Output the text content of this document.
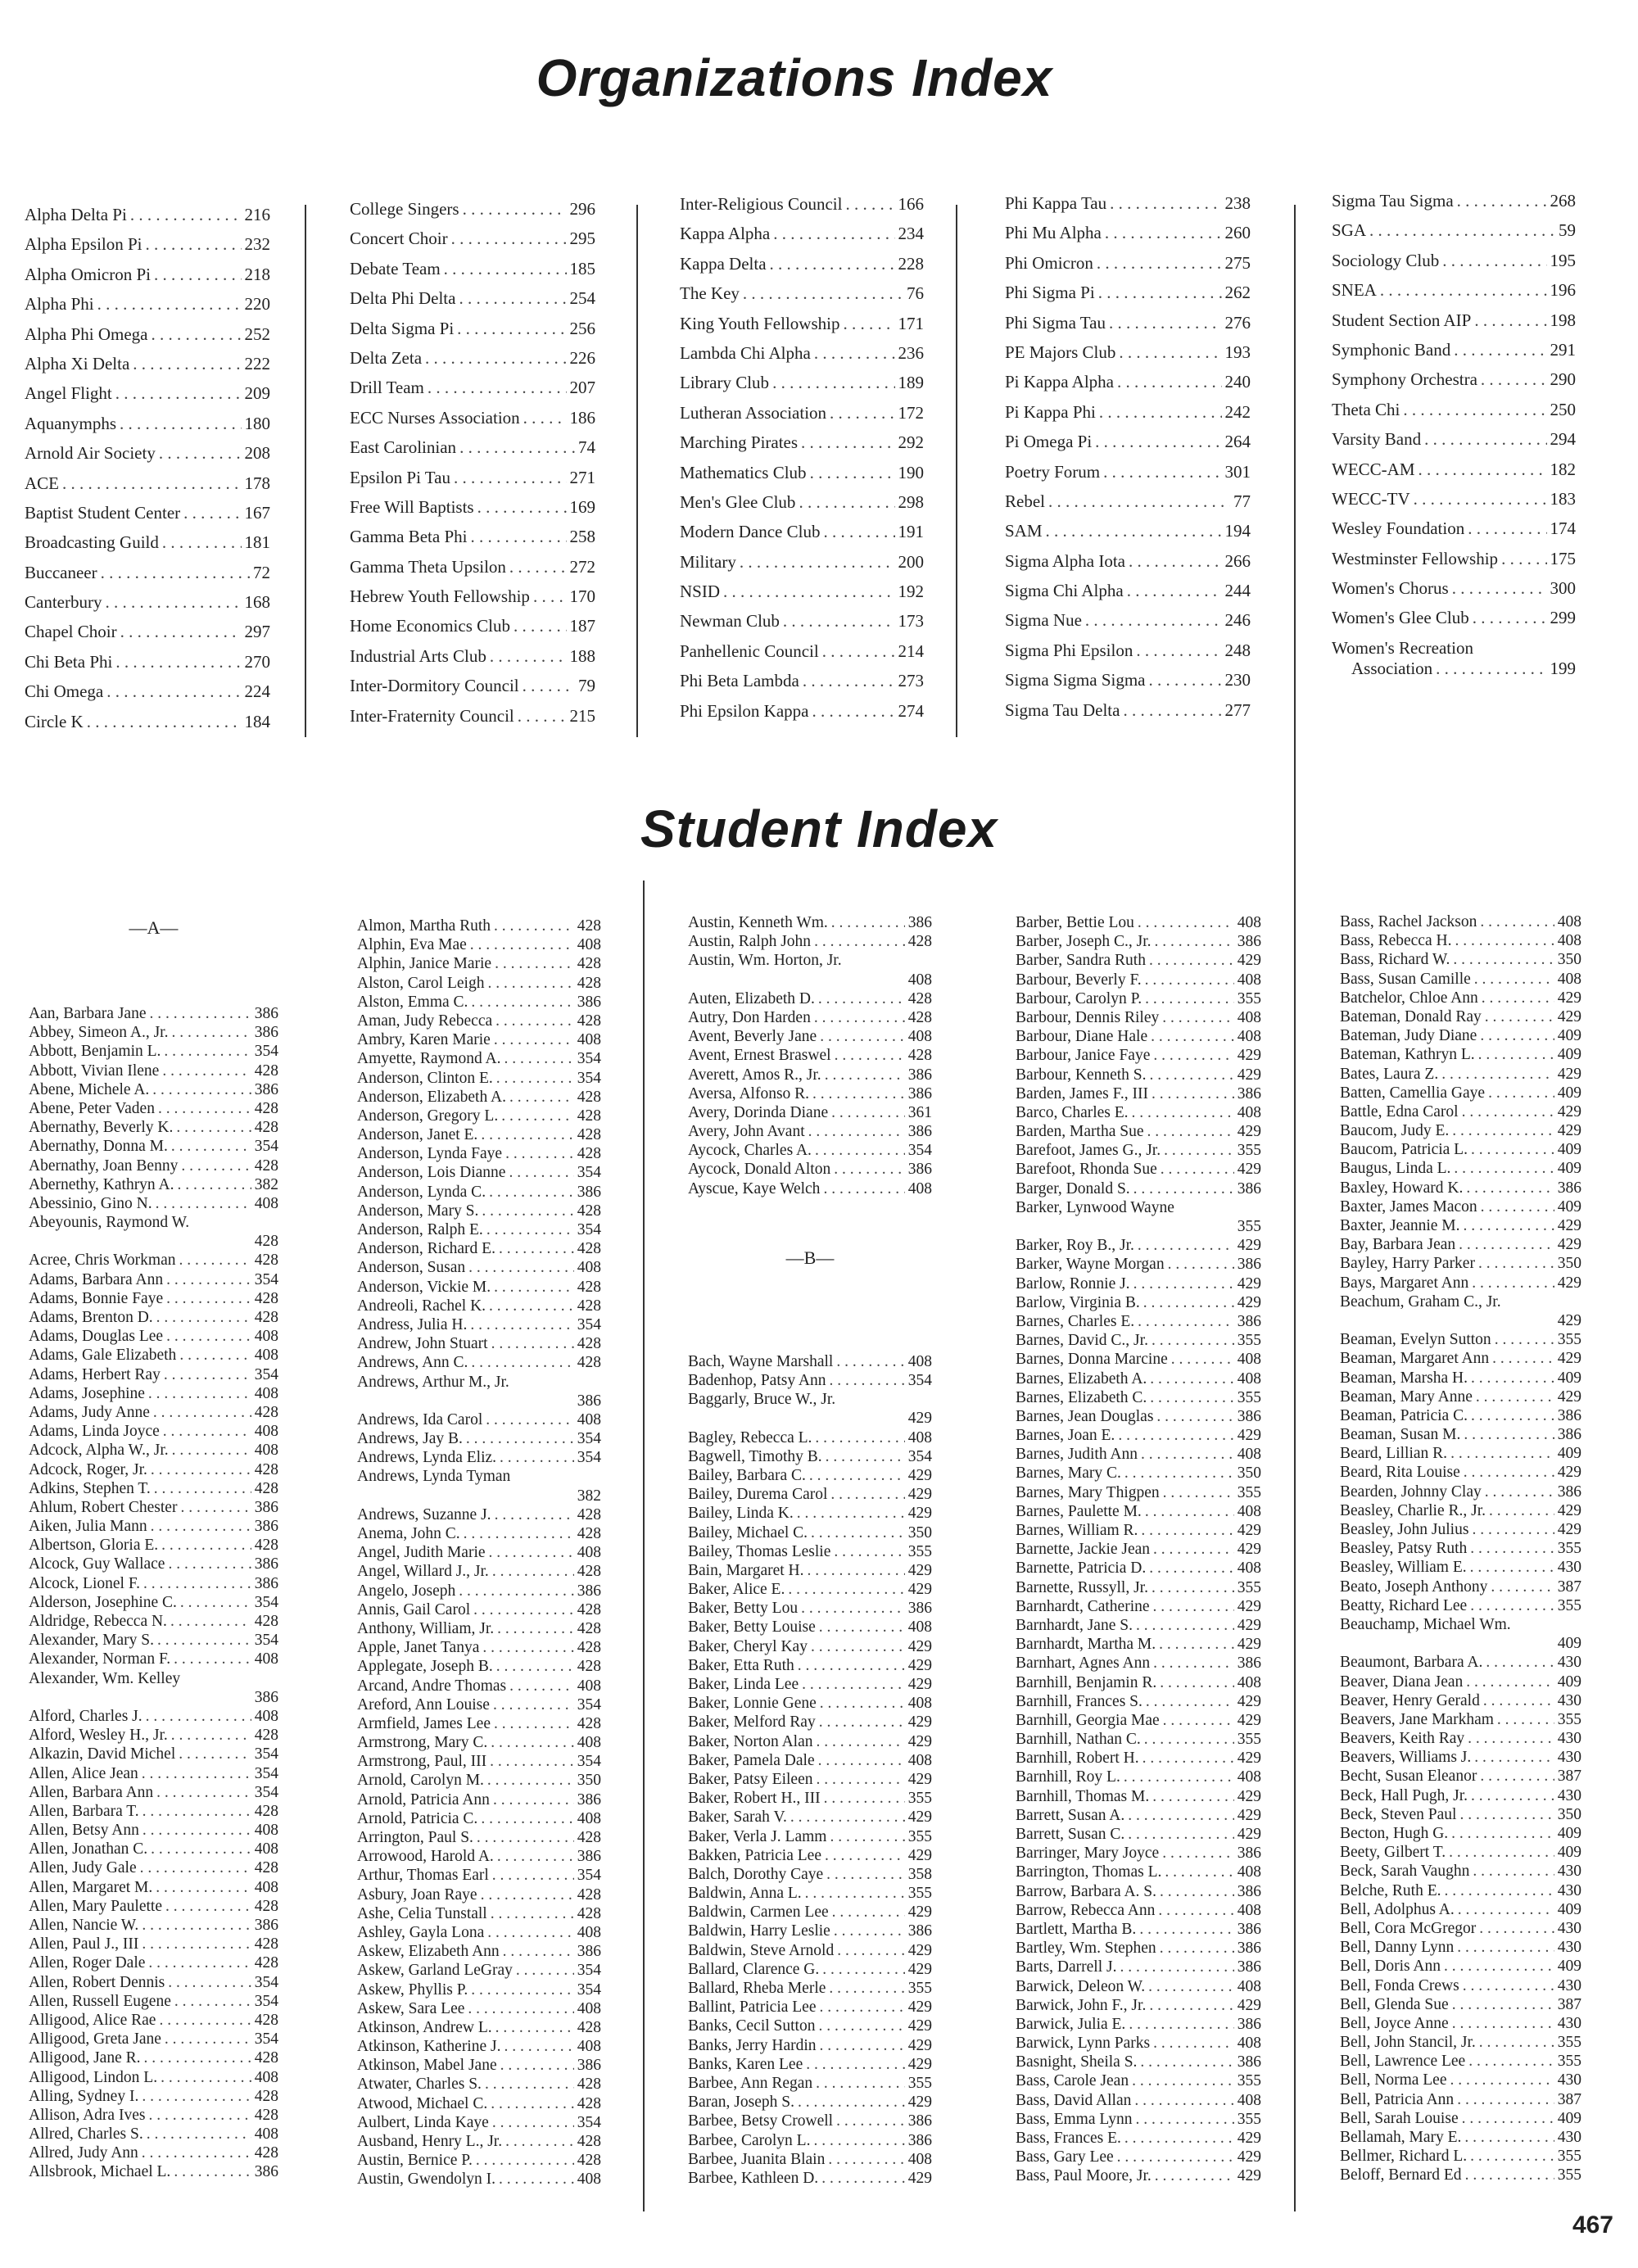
Organizations Index
Student Index
Alpha Delta Pi . . .	216
Alpha Epsilon Pi . . .	232
Alpha Omicron Pi . . .	218
Alpha Phi . . .	220
Alpha Phi Omega . . .	252
Alpha Xi Delta . . .	222
Angel Flight . . .	209
Aquanymphs . . .	180
Arnold Air Society . . .	208
ACE . . .	178
Baptist Student Center . . .	167
Broadcasting Guild . . .	181
Buccaneer . . .	72
Canterbury . . .	168
Chapel Choir . . .	297
Chi Beta Phi . . .	270
Chi Omega . . .	224
Circle K . . .	184
College Singers . . .	296
Concert Choir . . .	295
Debate Team . . .	185
Delta Phi Delta . . .	254
Delta Sigma Pi . . .	256
Delta Zeta . . .	226
Drill Team . . .	207
ECC Nurses Association . . .	186
East Carolinian . . .	74
Epsilon Pi Tau . . .	271
Free Will Baptists . . .	169
Gamma Beta Phi . . .	258
Gamma Theta Upsilon . . .	272
Hebrew Youth Fellowship . . . 170
Home Economics Club . . .	187
Industrial Arts Club . . .	188
Inter-Dormitory Council . . .	79
Inter-Fraternity Council . . .	215
Inter-Religious Council . . .	166
Kappa Alpha . . .	234
Kappa Delta . . .	228
The Key . . .	76
King Youth Fellowship . . .	171
Lambda Chi Alpha . . .	236
Library Club . . .	189
Lutheran Association . . .	172
Marching Pirates . . .	292
Mathematics Club . . .	190
Men's Glee Club . . .	298
Modern Dance Club . . .	191
Military . . .	200
NSID . . .	192
Newman Club . . .	173
Panhellenic Council . . .	214
Phi Beta Lambda . . .	273
Phi Epsilon Kappa . . .	274
Phi Kappa Tau . . .	238
Phi Mu Alpha . . .	260
Phi Omicron . . .	275
Phi Sigma Pi . . .	262
Phi Sigma Tau . . .	276
PE Majors Club . . .	193
Pi Kappa Alpha . . .	240
Pi Kappa Phi . . .	242
Pi Omega Pi . . .	264
Poetry Forum . . .	301
Rebel . . .	77
SAM . . .	194
Sigma Alpha Iota . . .	266
Sigma Chi Alpha . . .	244
Sigma Nue . . .	246
Sigma Phi Epsilon . . .	248
Sigma Sigma Sigma . . .	230
Sigma Tau Delta . . .	277
Sigma Tau Sigma . . .	268
SGA . . .	59
Sociology Club . . .	195
SNEA . . .	196
Student Section AIP . . .	198
Symphonic Band . . .	291
Symphony Orchestra . . .	290
Theta Chi . . .	250
Varsity Band . . .	294
WECC-AM . . .	182
WECC-TV . . .	183
Wesley Foundation . . .	174
Westminster Fellowship . . .	175
Women's Chorus . . .	300
Women's Glee Club . . .	299
Women's Recreation
Association . . .	199
—A—
Aan, Barbara Jane . . .	386
Abbey, Simeon A., Jr. . . .	386
Abbott, Benjamin L. . . .	354
Abbott, Vivian Ilene . . .	428
Abene, Michele A. . . .	386
Abene, Peter Vaden . . .	428
Abernathy, Beverly K. . . .	428
Abernathy, Donna M. . . .	354
Abernathy, Joan Benny . . .	428
Abernethy, Kathryn A. . . .	382
Abessinio, Gino N. . . .	408
Abeyounis, Raymond W.
428
Acree, Chris Workman . . .	428
Adams, Barbara Ann . . .	354
Adams, Bonnie Faye . . .	428
Adams, Brenton D. . . .	428
Adams, Douglas Lee . . .	408
Adams, Gale Elizabeth . . .	408
Adams, Herbert Ray . . .	354
Adams, Josephine . . .	408
Adams, Judy Anne . . .	428
Adams, Linda Joyce . . .	408
Adcock, Alpha W., Jr. . . .	408
Adcock, Roger, Jr. . . .	428
Adkins, Stephen T. . . .	428
Ahlum, Robert Chester . . .	386
Aiken, Julia Mann . . .	386
Albertson, Gloria E. . . .	428
Alcock, Guy Wallace . . .	386
Alcock, Lionel F. . . .	386
Alderson, Josephine C. . . .	354
Aldridge, Rebecca N. . . .	428
Alexander, Mary S. . . .	354
Alexander, Norman F. . . .	408
Alexander, Wm. Kelley
386
Alford, Charles J. . . .	408
Alford, Wesley H., Jr. . . .	428
Alkazin, David Michel . . .	354
Allen, Alice Jean . . .	354
Allen, Barbara Ann . . .	354
Allen, Barbara T. . . .	428
Allen, Betsy Ann . . .	408
Allen, Jonathan C. . . .	408
Allen, Judy Gale . . .	428
Allen, Margaret M. . . .	408
Allen, Mary Paulette . . .	428
Allen, Nancie W. . . .	386
Allen, Paul J., III . . .	428
Allen, Roger Dale . . .	428
Allen, Robert Dennis . . .	354
Allen, Russell Eugene . . .	354
Alligood, Alice Rae . . .	428
Alligood, Greta Jane . . .	354
Alligood, Jane R. . . .	428
Alligood, Lindon L. . . .	408
Alling, Sydney I. . . .	428
Allison, Adra Ives . . .	428
Allred, Charles S. . . .	408
Allred, Judy Ann . . .	428
Allsbrook, Michael L. . . .	386
Almon, Martha Ruth . . .	428
Alphin, Eva Mae . . .	408
Alphin, Janice Marie . . .	428
Alston, Carol Leigh . . .	428
Alston, Emma C. . . .	386
Aman, Judy Rebecca . . .	428
Ambry, Karen Marie . . .	408
Amyette, Raymond A. . . .	354
Anderson, Clinton E. . . .	354
Anderson, Elizabeth A. . . .	428
Anderson, Gregory L. . . .	428
Anderson, Janet E. . . .	428
Anderson, Lynda Faye . . .	428
Anderson, Lois Dianne . . .	354
Anderson, Lynda C. . . .	386
Anderson, Mary S. . . .	428
Anderson, Ralph E. . . .	354
Anderson, Richard E. . . .	428
Anderson, Susan . . .	408
Anderson, Vickie M. . . .	428
Andreoli, Rachel K. . . .	428
Andress, Julia H. . . .	354
Andrew, John Stuart . . .	428
Andrews, Ann C. . . .	428
Andrews, Arthur M., Jr.
386
Andrews, Ida Carol . . .	408
Andrews, Jay B. . . .	354
Andrews, Lynda Eliz. . . .	354
Andrews, Lynda Tyman
382
Andrews, Suzanne J. . . .	428
Anema, John C. . . .	428
Angel, Judith Marie . . .	408
Angel, Willard J., Jr. . . .	428
Angelo, Joseph . . .	386
Annis, Gail Carol . . .	428
Anthony, William, Jr. . . .	428
Apple, Janet Tanya . . .	428
Applegate, Joseph B. . . .	428
Arcand, Andre Thomas . . .	408
Areford, Ann Louise . . .	354
Armfield, James Lee . . .	428
Armstrong, Mary C. . . .	408
Armstrong, Paul, III . . .	354
Arnold, Carolyn M. . . .	350
Arnold, Patricia Ann . . .	386
Arnold, Patricia C. . . .	408
Arrington, Paul S. . . .	428
Arrowood, Harold A. . . .	386
Arthur, Thomas Earl . . .	354
Asbury, Joan Raye . . .	428
Ashe, Celia Tunstall . . .	428
Ashley, Gayla Lona . . .	408
Askew, Elizabeth Ann . . .	386
Askew, Garland LeGray . . .	354
Askew, Phyllis P. . . .	354
Askew, Sara Lee . . .	408
Atkinson, Andrew L. . . .	428
Atkinson, Katherine J. . . .	408
Atkinson, Mabel Jane . . .	386
Atwater, Charles S. . . .	428
Atwood, Michael C. . . .	428
Aulbert, Linda Kaye . . .	354
Ausband, Henry L., Jr. . . .	428
Austin, Bernice P. . . .	428
Austin, Gwendolyn I. . . .	408
Austin, Kenneth Wm. . . .	386
Austin, Ralph John . . .	428
Austin, Wm. Horton, Jr.
408
Auten, Elizabeth D. . . .	428
Autry, Don Harden . . .	428
Avent, Beverly Jane . . .	408
Avent, Ernest Braswel . . .	428
Averett, Amos R., Jr. . . .	386
Aversa, Alfonso R. . . .	386
Avery, Dorinda Diane . . .	361
Avery, John Avant . . .	386
Aycock, Charles A. . . .	354
Aycock, Donald Alton . . .	386
Ayscue, Kaye Welch . . .	408
—B—
Bach, Wayne Marshall . . .	408
Badenhop, Patsy Ann . . .	354
Baggarly, Bruce W., Jr.
429
Bagley, Rebecca L. . . .	408
Bagwell, Timothy B. . . .	354
Bailey, Barbara C. . . .	429
Bailey, Durema Carol . . .	429
Bailey, Linda K. . . .	429
Bailey, Michael C. . . .	350
Bailey, Thomas Leslie . . .	355
Bain, Margaret H. . . .	429
Baker, Alice E. . . .	429
Baker, Betty Lou . . .	386
Baker, Betty Louise . . .	408
Baker, Cheryl Kay . . .	429
Baker, Etta Ruth . . .	429
Baker, Linda Lee . . .	429
Baker, Lonnie Gene . . .	408
Baker, Melford Ray . . .	429
Baker, Norton Alan . . .	429
Baker, Pamela Dale . . .	408
Baker, Patsy Eileen . . .	429
Baker, Robert H., III . . .	355
Baker, Sarah V. . . .	429
Baker, Verla J. Lamm . . .	355
Bakken, Patricia Lee . . .	429
Balch, Dorothy Caye . . .	358
Baldwin, Anna L. . . .	355
Baldwin, Carmen Lee . . .	429
Baldwin, Harry Leslie . . .	386
Baldwin, Steve Arnold . . .	429
Ballard, Clarence G. . . .	429
Ballard, Rheba Merle . . .	355
Ballint, Patricia Lee . . .	429
Banks, Cecil Sutton . . .	429
Banks, Jerry Hardin . . .	429
Banks, Karen Lee . . .	429
Barbee, Ann Regan . . .	355
Baran, Joseph S. . . .	429
Barbee, Betsy Crowell . . .	386
Barbee, Carolyn L. . . .	386
Barbee, Juanita Blain . . .	408
Barbee, Kathleen D. . . .	429
Barber, Bettie Lou . . .	408
Barber, Joseph C., Jr. . . .	386
Barber, Sandra Ruth . . .	429
Barbour, Beverly F. . . .	408
Barbour, Carolyn P. . . .	355
Barbour, Dennis Riley . . .	408
Barbour, Diane Hale . . .	408
Barbour, Janice Faye . . .	429
Barbour, Kenneth S. . . .	429
Barden, James F., III . . .	386
Barco, Charles E. . . .	408
Barden, Martha Sue . . .	429
Barefoot, James G., Jr. . . .	355
Barefoot, Rhonda Sue . . .	429
Barger, Donald S. . . .	386
Barker, Lynwood Wayne
355
Barker, Roy B., Jr. . . .	429
Barker, Wayne Morgan . . .	386
Barlow, Ronnie J. . . .	429
Barlow, Virginia B. . . .	429
Barnes, Charles E. . . .	386
Barnes, David C., Jr. . . .	355
Barnes, Donna Marcine . . .	408
Barnes, Elizabeth A. . . .	408
Barnes, Elizabeth C. . . .	355
Barnes, Jean Douglas . . .	386
Barnes, Joan E. . . .	429
Barnes, Judith Ann . . .	408
Barnes, Mary C. . . .	350
Barnes, Mary Thigpen . . .	355
Barnes, Paulette M. . . .	408
Barnes, William R. . . .	429
Barnette, Jackie Jean . . .	429
Barnette, Patricia D. . . .	408
Barnette, Russyll, Jr. . . .	355
Barnhardt, Catherine . . .	429
Barnhardt, Jane S. . . .	429
Barnhardt, Martha M. . . .	429
Barnhart, Agnes Ann . . .	386
Barnhill, Benjamin R. . . .	408
Barnhill, Frances S. . . .	429
Barnhill, Georgia Mae . . .	429
Barnhill, Nathan C. . . .	355
Barnhill, Robert H. . . .	429
Barnhill, Roy L. . . .	408
Barnhill, Thomas M. . . .	429
Barrett, Susan A. . . .	429
Barrett, Susan C. . . .	429
Barringer, Mary Joyce . . .	386
Barrington, Thomas L. . . .	408
Barrow, Barbara A. S. . . .	386
Barrow, Rebecca Ann . . .	408
Bartlett, Martha B. . . .	386
Bartley, Wm. Stephen . . .	386
Barts, Darrell J. . . .	386
Barwick, Deleon W. . . .	408
Barwick, John F., Jr. . . .	429
Barwick, Julia E. . . .	386
Barwick, Lynn Parks . . .	408
Basnight, Sheila S. . . .	386
Bass, Carole Jean . . .	355
Bass, David Allan . . .	408
Bass, Emma Lynn . . .	355
Bass, Frances E. . . .	429
Bass, Gary Lee . . .	429
Bass, Paul Moore, Jr. . . .	429
Bass, Rachel Jackson . . .	408
Bass, Rebecca H. . . .	408
Bass, Richard W. . . .	350
Bass, Susan Camille . . .	408
Batchelor, Chloe Ann . . .	429
Bateman, Donald Ray . . .	429
Bateman, Judy Diane . . .	409
Bateman, Kathryn L. . . .	409
Bates, Laura Z. . . .	429
Batten, Camellia Gaye . . .	409
Battle, Edna Carol . . .	429
Baucom, Judy E. . . .	429
Baucom, Patricia L. . . .	409
Baugus, Linda L. . . .	409
Baxley, Howard K. . . .	386
Baxter, James Macon . . .	409
Baxter, Jeannie M. . . .	429
Bay, Barbara Jean . . .	429
Bayley, Harry Parker . . .	350
Bays, Margaret Ann . . .	429
Beachum, Graham C., Jr.
429
Beaman, Evelyn Sutton . . .	355
Beaman, Margaret Ann . . .	429
Beaman, Marsha H. . . .	409
Beaman, Mary Anne . . .	429
Beaman, Patricia C. . . .	386
Beaman, Susan M. . . .	386
Beard, Lillian R. . . .	409
Beard, Rita Louise . . .	429
Bearden, Johnny Clay . . .	386
Beasley, Charlie R., Jr. . . .	429
Beasley, John Julius . . .	429
Beasley, Patsy Ruth . . .	355
Beasley, William E. . . .	430
Beato, Joseph Anthony . . .	387
Beatty, Richard Lee . . .	355
Beauchamp, Michael Wm.
409
Beaumont, Barbara A. . . .	430
Beaver, Diana Jean . . .	409
Beaver, Henry Gerald . . .	430
Beavers, Jane Markham . . .	355
Beavers, Keith Ray . . .	430
Beavers, Williams J. . . .	430
Becht, Susan Eleanor . . .	387
Beck, Hall Pugh, Jr. . . .	430
Beck, Steven Paul . . .	350
Becton, Hugh G. . . .	409
Beety, Gilbert T. . . .	409
Beck, Sarah Vaughn . . .	430
Belche, Ruth E. . . .	430
Bell, Adolphus A. . . .	409
Bell, Cora McGregor . . .	430
Bell, Danny Lynn . . .	430
Bell, Doris Ann . . .	409
Bell, Fonda Crews . . .	430
Bell, Glenda Sue . . .	387
Bell, Joyce Anne . . .	430
Bell, John Stancil, Jr. . . .	355
Bell, Lawrence Lee . . .	355
Bell, Norma Lee . . .	430
Bell, Patricia Ann . . .	387
Bell, Sarah Louise . . .	409
Bellamah, Mary E. . . .	430
Bellmer, Richard L. . . .	355
Beloff, Bernard Ed . . .	355
467
